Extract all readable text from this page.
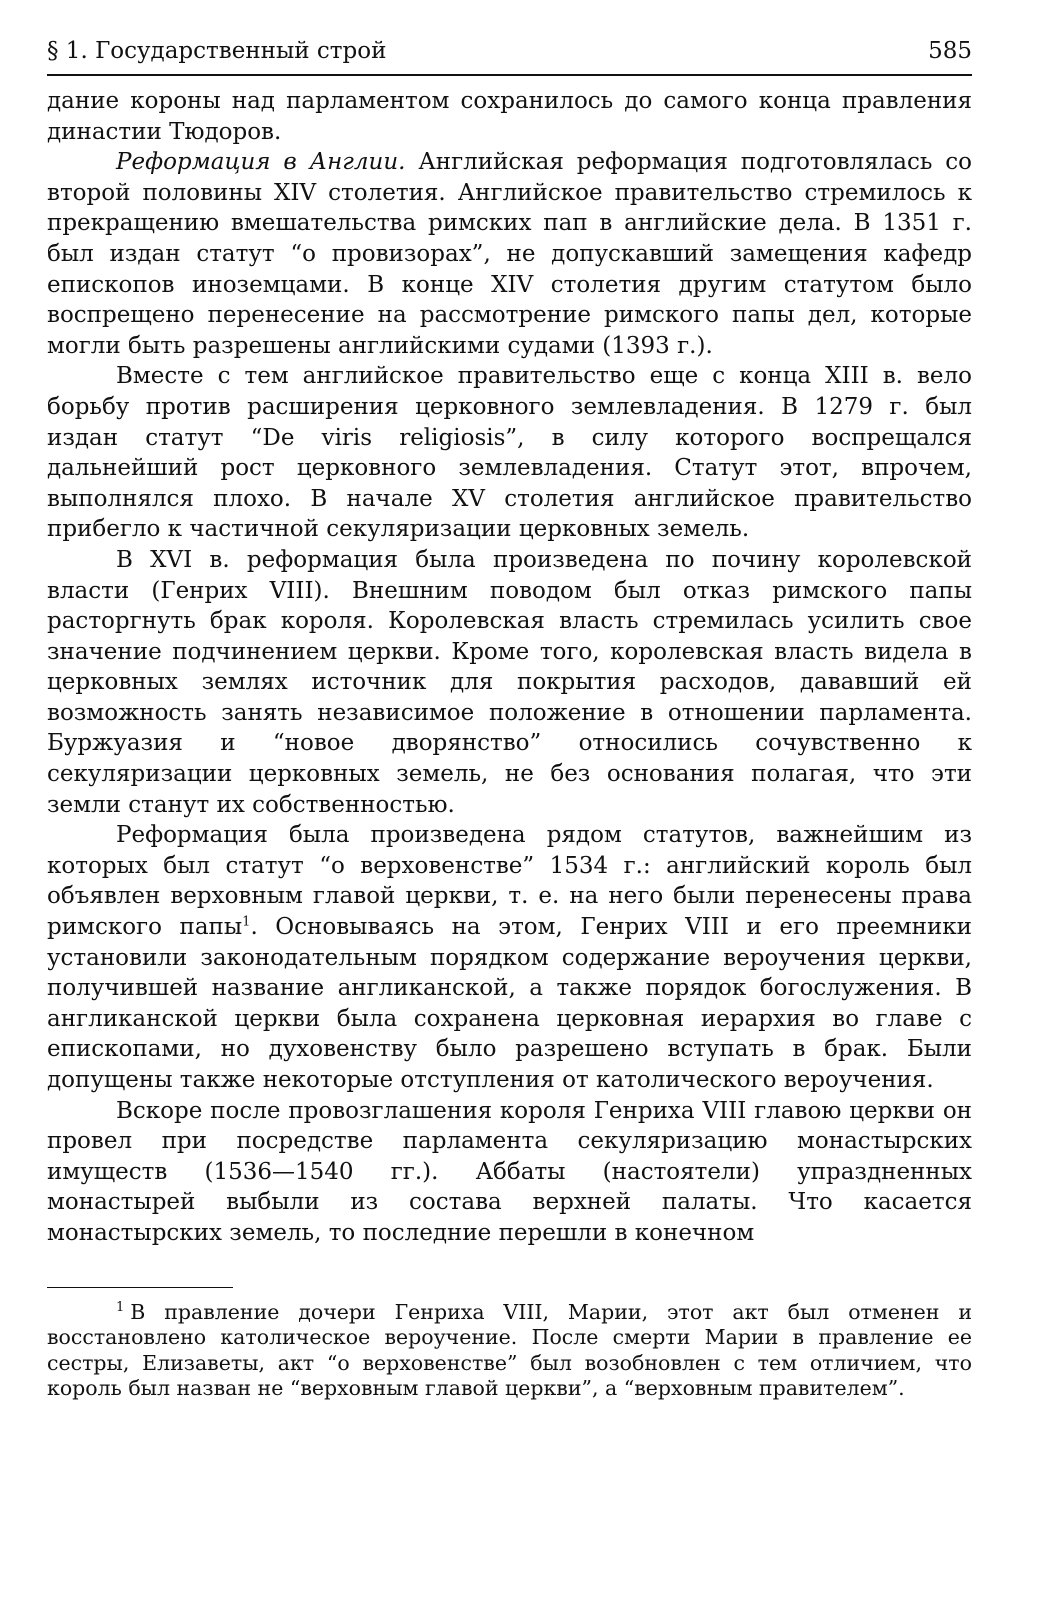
§ 1. Государственный строй	585

дание короны над парламентом сохранилось до самого конца правления династии Тюдоров.

Реформация в Англии. Английская реформация подготовлялась со второй половины XIV столетия. Английское правительство стремилось к прекращению вмешательства римских пап в английские дела. В 1351 г. был издан статут “о провизорах”, не допускавший замещения кафедр епископов иноземцами. В конце XIV столетия другим статутом было воспрещено перенесение на рассмотрение римского папы дел, которые могли быть разрешены английскими судами (1393 г.).

Вместе с тем английское правительство еще с конца XIII в. вело борьбу против расширения церковного землевладения. В 1279 г. был издан статут “De viris religiosis”, в силу которого воспрещался дальнейший рост церковного землевладения. Статут этот, впрочем, выполнялся плохо. В начале XV столетия английское правительство прибегло к частичной секуляризации церковных земель.

В XVI в. реформация была произведена по почину королевской власти (Генрих VIII). Внешним поводом был отказ римского папы расторгнуть брак короля. Королевская власть стремилась усилить свое значение подчинением церкви. Кроме того, королевская власть видела в церковных землях источник для покрытия расходов, дававший ей возможность занять независимое положение в отношении парламента. Буржуазия и “новое дворянство” относились сочувственно к секуляризации церковных земель, не без основания полагая, что эти земли станут их собственностью.

Реформация была произведена рядом статутов, важнейшим из которых был статут “о верховенстве” 1534 г.: английский король был объявлен верховным главой церкви, т. е. на него были перенесены права римского папы$^1$. Основываясь на этом, Генрих VIII и его преемники установили законодательным порядком содержание вероучения церкви, получившей название англиканской, а также порядок богослужения. В англиканской церкви была сохранена церковная иерархия во главе с епископами, но духовенству было разрешено вступать в брак. Были допущены также некоторые отступления от католического вероучения.

Вскоре после провозглашения короля Генриха VIII главою церкви он провел при посредстве парламента секуляризацию монастырских имуществ (1536—1540 гг.). Аббаты (настоятели) упраздненных монастырей выбыли из состава верхней палаты. Что касается монастырских земель, то последние перешли в конечном

$^1$ В правление дочери Генриха VIII, Марии, этот акт был отменен и восстановлено католическое вероучение. После смерти Марии в правление ее сестры, Елизаветы, акт “о верховенстве” был возобновлен с тем отличием, что король был назван не “верховным главой церкви”, а “верховным правителем”.
